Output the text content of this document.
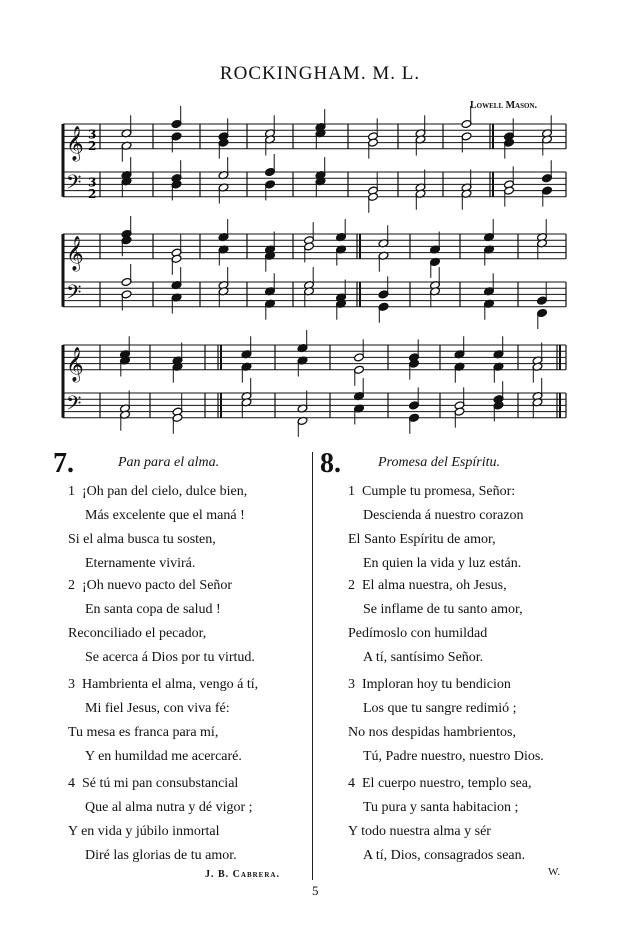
ROCKINGHAM. M. L.
Lowell Mason.
𝄞
𝄢
3
2
3
2
𝄞
𝄢
𝄞
𝄢
7.	Pan para el alma.	8.	Promesa del Espíritu.
1 ¡Oh pan del cielo, dulce bien,
Más excelente que el maná !
Si el alma busca tu sosten,
Eternamente vivirá.
2 ¡Oh nuevo pacto del Señor
En santa copa de salud !
Reconciliado el pecador,
Se acerca á Dios por tu virtud.
3 Hambrienta el alma, vengo á tí,
Mi fiel Jesus, con viva fé:
Tu mesa es franca para mí,
Y en humildad me acercaré.
4 Sé tú mi pan consubstancial
Que al alma nutra y dé vigor ;
Y en vida y júbilo inmortal
Diré las glorias de tu amor.
1 Cumple tu promesa, Señor:
Descienda á nuestro corazon
El Santo Espíritu de amor,
En quien la vida y luz están.
2 El alma nuestra, oh Jesus,
Se inflame de tu santo amor,
Pedímoslo con humildad
A tí, santísimo Señor.
3 Imploran hoy tu bendicion
Los que tu sangre redimió ;
No nos despidas hambrientos,
Tú, Padre nuestro, nuestro Dios.
4 El cuerpo nuestro, templo sea,
Tu pura y santa habitacion ;
Y todo nuestra alma y sér
A tí, Dios, consagrados sean.
J. B. Cabrera.	W.
5
